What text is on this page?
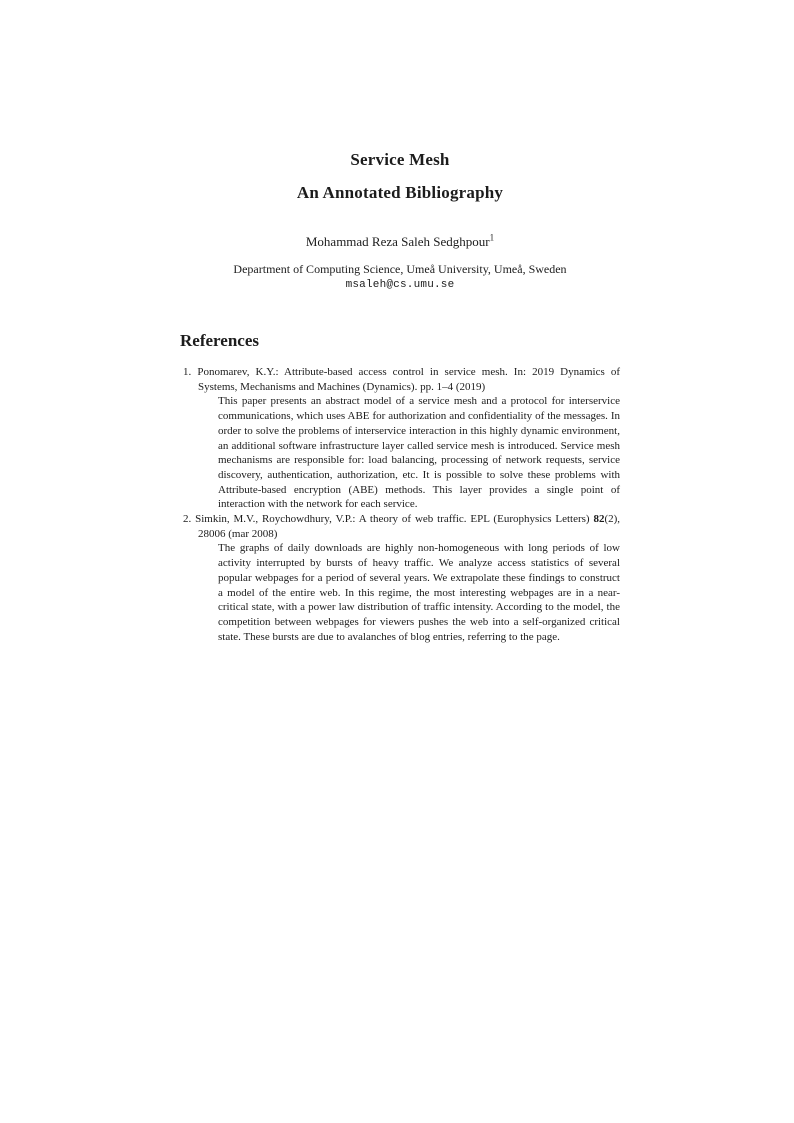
Service Mesh
An Annotated Bibliography
Mohammad Reza Saleh Sedghpour$^1$
Department of Computing Science, Umeå University, Umeå, Sweden
msaleh@cs.umu.se
References

1. Ponomarev, K.Y.: Attribute-based access control in service mesh. In: 2019 Dynamics of Systems, Mechanisms and Machines (Dynamics). pp. 1–4 (2019)

This paper presents an abstract model of a service mesh and a protocol for interservice communications, which uses ABE for authorization and confidentiality of the messages. In order to solve the problems of interservice interaction in this highly dynamic environment, an additional software infrastructure layer called service mesh is introduced. Service mesh mechanisms are responsible for: load balancing, processing of network requests, service discovery, authentication, authorization, etc. It is possible to solve these problems with Attribute-based encryption (ABE) methods. This layer provides a single point of interaction with the network for each service.

2. Simkin, M.V., Roychowdhury, V.P.: A theory of web traffic. EPL (Europhysics Letters) 82(2), 28006 (mar 2008)

The graphs of daily downloads are highly non-homogeneous with long periods of low activity interrupted by bursts of heavy traffic. We analyze access statistics of several popular webpages for a period of several years. We extrapolate these findings to construct a model of the entire web. In this regime, the most interesting webpages are in a near-critical state, with a power law distribution of traffic intensity. According to the model, the competition between webpages for viewers pushes the web into a self-organized critical state. These bursts are due to avalanches of blog entries, referring to the page.
